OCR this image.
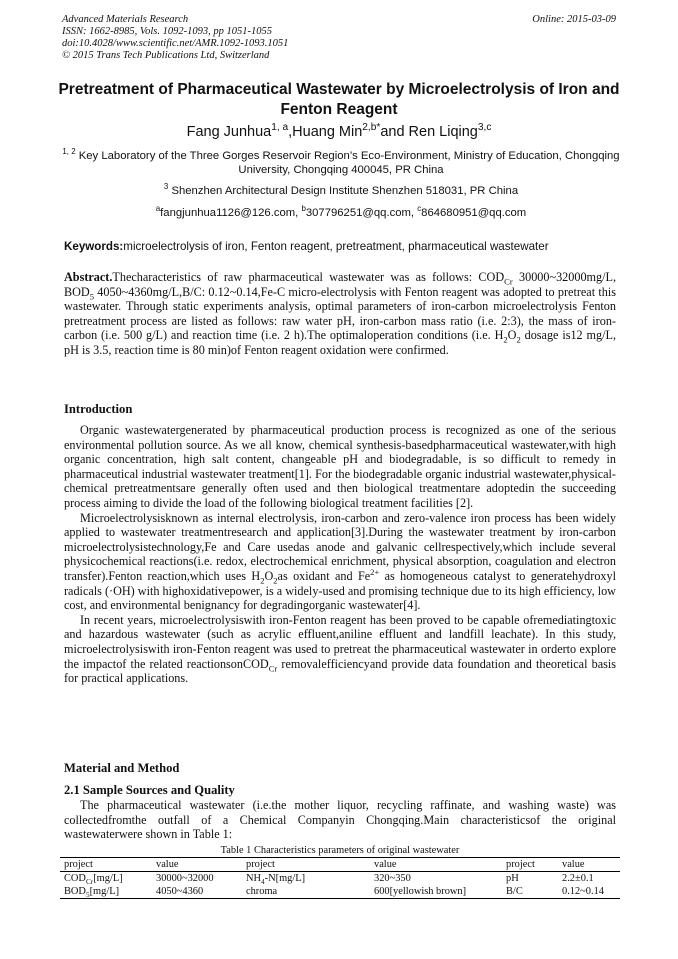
Advanced Materials Research
ISSN: 1662-8985, Vols. 1092-1093, pp 1051-1055
doi:10.4028/www.scientific.net/AMR.1092-1093.1051
© 2015 Trans Tech Publications Ltd, Switzerland
Online: 2015-03-09
Pretreatment of Pharmaceutical Wastewater by Microelectrolysis of Iron and Fenton Reagent
Fang Junhua$^{1, a}$,Huang Min$^{2,b*}$and Ren Liqing$^{3,c}$
$^{1, 2}$ Key Laboratory of the Three Gorges Reservoir Region’s Eco-Environment, Ministry of Education, Chongqing University, Chongqing 400045, PR China
$^3$ Shenzhen Architectural Design Institute Shenzhen 518031, PR China
$^a$fangjunhua1126@126.com, $^b$307796251@qq.com, $^c$864680951@qq.com
Keywords:microelectrolysis of iron, Fenton reagent, pretreatment, pharmaceutical wastewater
Abstract.Thecharacteristics of raw pharmaceutical wastewater was as follows: $COD_{Cr}$ 30000~32000mg/L, $BOD_5$ 4050~4360mg/L,B/C: 0.12~0.14,Fe-C micro-electrolysis with Fenton reagent was adopted to pretreat this wastewater. Through static experiments analysis, optimal parameters of iron-carbon microelectrolysis Fenton pretreatment process are listed as follows: raw water pH, iron-carbon mass ratio (i.e. 2:3), the mass of iron-carbon (i.e. 500 g/L) and reaction time (i.e. 2 h).The optimaloperation conditions (i.e. $H_2O_2$ dosage is12 mg/L, pH is 3.5, reaction time is 80 min)of Fenton reagent oxidation were confirmed.
Introduction

Organic wastewatergenerated by pharmaceutical production process is recognized as one of the serious environmental pollution source. As we all know, chemical synthesis-basedpharmaceutical wastewater,with high organic concentration, high salt content, changeable pH and biodegradable, is so difficult to remedy in pharmaceutical industrial wastewater treatment[1]. For the biodegradable organic industrial wastewater,physical-chemical pretreatmentsare generally often used and then biological treatmentare adoptedin the succeeding process aiming to divide the load of the following biological treatment facilities [2].

Microelectrolysisknown as internal electrolysis, iron-carbon and zero-valence iron process has been widely applied to wastewater treatmentresearch and application[3].During the wastewater treatment by iron-carbon microelectrolysistechnology,Fe and Care usedas anode and galvanic cellrespectively,which include several physicochemical reactions(i.e. redox, electrochemical enrichment, physical absorption, coagulation and electron transfer).Fenton reaction,which uses $H_2O_2as$ oxidant and $Fe^{2+}$ as homogeneous catalyst to generatehydroxyl radicals (·OH) with highoxidativepower, is a widely-used and promising technique due to its high efficiency, low cost, and environmental benignancy for degradingorganic wastewater[4].

In recent years, microelectrolysiswith iron-Fenton reagent has been proved to be capable ofremediatingtoxic and hazardous wastewater (such as acrylic effluent,aniline effluent and landfill leachate). In this study, microelectrolysiswith iron-Fenton reagent was used to pretreat the pharmaceutical wastewater in orderto explore the impactof the related reactionsonCOD$_{Cr}$ removalefficiencyand provide data foundation and theoretical basis for practical applications.

Material and Method
2.1 Sample Sources and Quality

The pharmaceutical wastewater (i.e.the mother liquor, recycling raffinate, and washing waste) was collectedfromthe outfall of a Chemical Companyin Chongqing.Main characteristicsof the original wastewaterwere shown in Table 1:

Table 1 Characteristics parameters of original wastewater
project	value	project	value	project	value
$COD_{Cr}[mg/L]$	30000~32000	$NH_4-N[mg/L]$	320~350	pH	2.2±0.1
$BOD_5[mg/L]$	4050~4360	chroma	600[yellowish brown]	B/C	0.12~0.14
